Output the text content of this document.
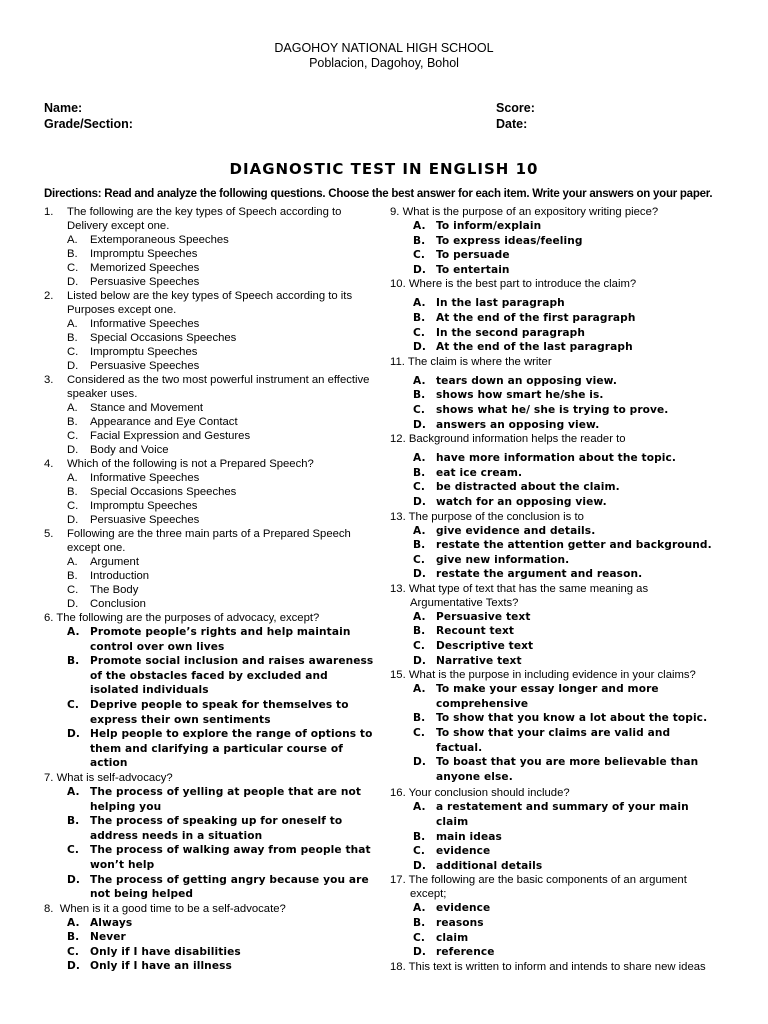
DAGOHOY NATIONAL HIGH SCHOOL
Poblacion, Dagohoy, Bohol
Name:
Grade/Section:
Score:
Date:
DIAGNOSTIC TEST IN ENGLISH 10
Directions: Read and analyze the following questions. Choose the best answer for each item. Write your answers on your paper.
1. The following are the key types of Speech according to Delivery except one.
A. Extemporaneous Speeches
B. Impromptu Speeches
C. Memorized Speeches
D. Persuasive Speeches
2. Listed below are the key types of Speech according to its Purposes except one.
A. Informative Speeches
B. Special Occasions Speeches
C. Impromptu Speeches
D. Persuasive Speeches
3. Considered as the two most powerful instrument an effective speaker uses.
A. Stance and Movement
B. Appearance and Eye Contact
C. Facial Expression and Gestures
D. Body and Voice
4. Which of the following is not a Prepared Speech?
A. Informative Speeches
B. Special Occasions Speeches
C. Impromptu Speeches
D. Persuasive Speeches
5. Following are the three main parts of a Prepared Speech except one.
A. Argument
B. Introduction
C. The Body
D. Conclusion
6. The following are the purposes of advocacy, except?
A. Promote people’s rights and help maintain control over own lives
B. Promote social inclusion and raises awareness of the obstacles faced by excluded and isolated individuals
C. Deprive people to speak for themselves to express their own sentiments
D. Help people to explore the range of options to them and clarifying a particular course of action
7. What is self-advocacy?
A. The process of yelling at people that are not helping you
B. The process of speaking up for oneself to address needs in a situation
C. The process of walking away from people that won’t help
D. The process of getting angry because you are not being helped
8. When is it a good time to be a self-advocate?
A. Always
B. Never
C. Only if I have disabilities
D. Only if I have an illness
9. What is the purpose of an expository writing piece?
A. To inform/explain
B. To express ideas/feeling
C. To persuade
D. To entertain
10. Where is the best part to introduce the claim?
A. In the last paragraph
B. At the end of the first paragraph
C. In the second paragraph
D. At the end of the last paragraph
11. The claim is where the writer
A. tears down an opposing view.
B. shows how smart he/she is.
C. shows what he/ she is trying to prove.
D. answers an opposing view.
12. Background information helps the reader to
A. have more information about the topic.
B. eat ice cream.
C. be distracted about the claim.
D. watch for an opposing view.
13. The purpose of the conclusion is to
A. give evidence and details.
B. restate the attention getter and background.
C. give new information.
D. restate the argument and reason.
13. What type of text that has the same meaning as Argumentative Texts?
A. Persuasive text
B. Recount text
C. Descriptive text
D. Narrative text
15. What is the purpose in including evidence in your claims?
A. To make your essay longer and more comprehensive
B. To show that you know a lot about the topic.
C. To show that your claims are valid and factual.
D. To boast that you are more believable than anyone else.
16. Your conclusion should include?
A. a restatement and summary of your main claim
B. main ideas
C. evidence
D. additional details
17. The following are the basic components of an argument except;
A. evidence
B. reasons
C. claim
D. reference
18. This text is written to inform and intends to share new ideas
